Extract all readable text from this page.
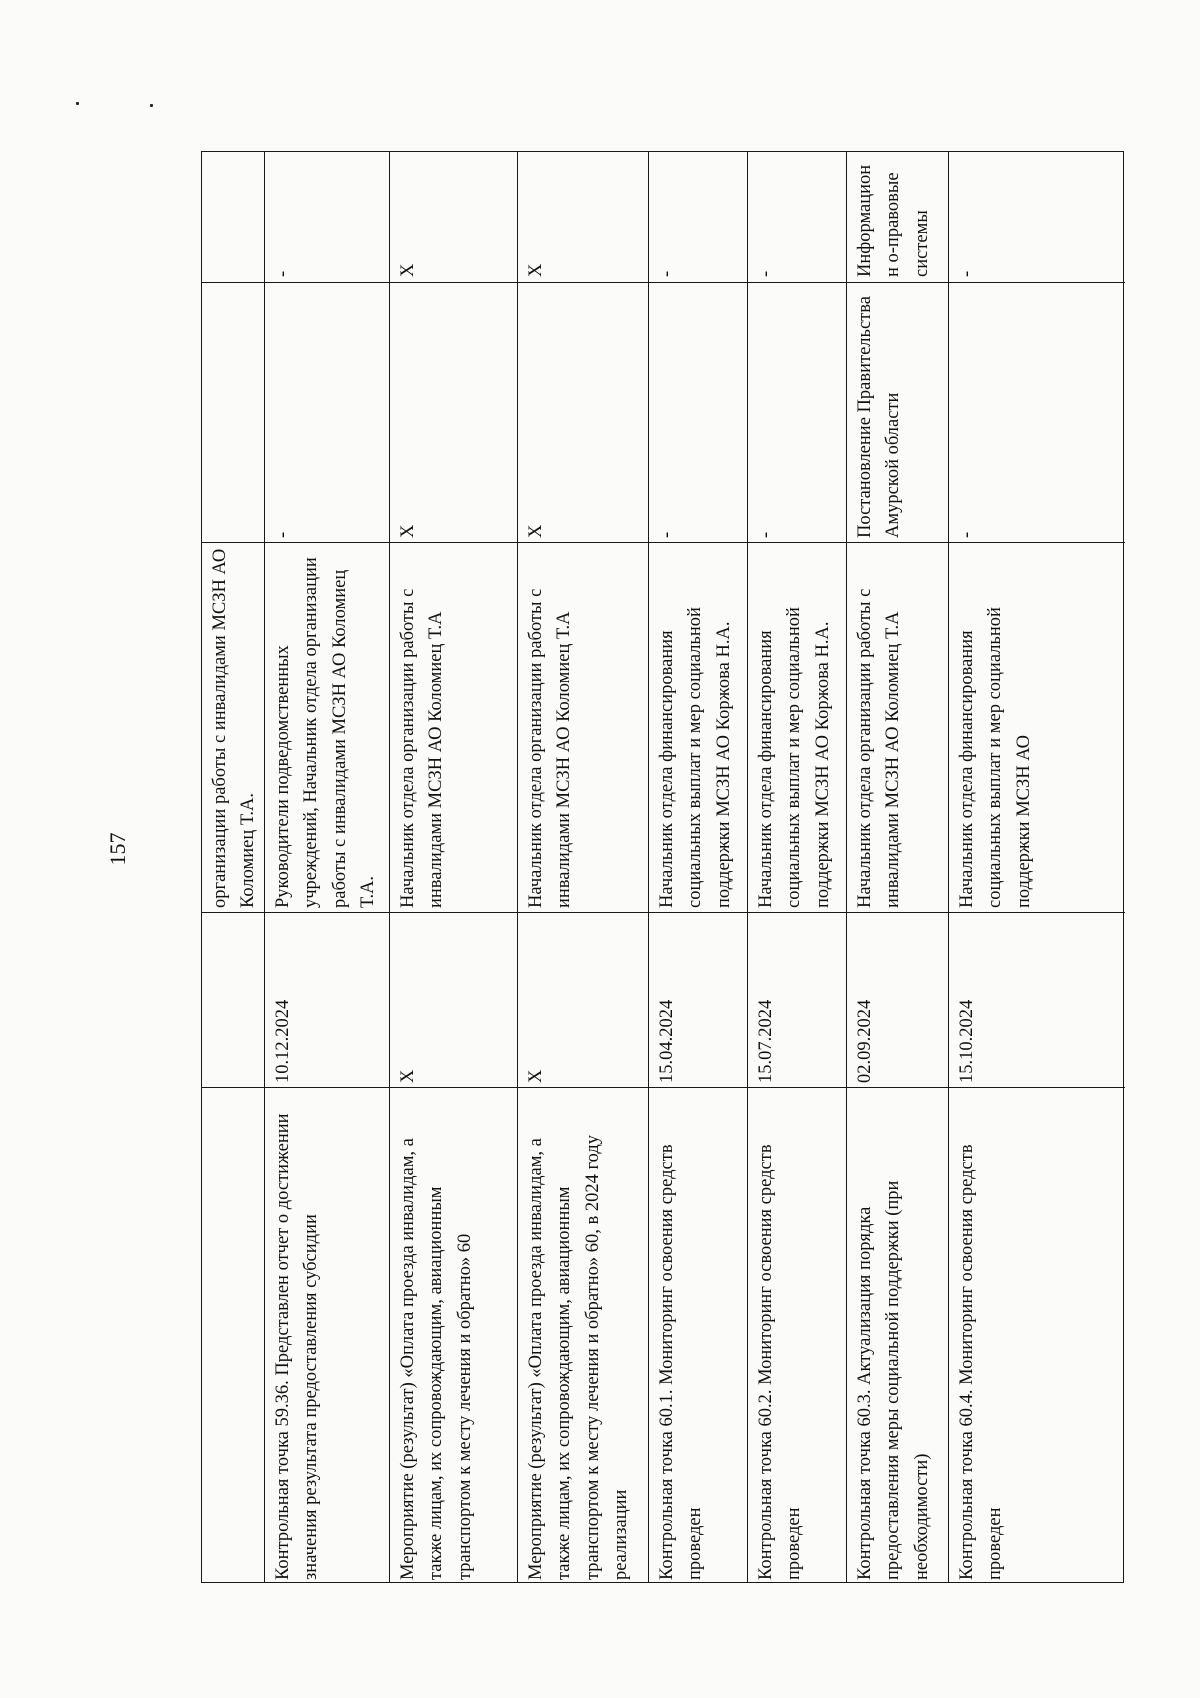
157	организации работы с инвалидами МСЗН АО Коломиец Т.А.
Контрольная точка 59.36. Представлен отчет о достижении значения результата предоставления субсидии
10.12.2024
Руководители подведомственных учреждений, Начальник отдела организации работы с инвалидами МСЗН АО Коломиец Т.А.
-
-
Мероприятие (результат) «Оплата проезда инвалидам, а также лицам, их сопровождающим, авиационным транспортом к месту лечения и обратно» 60
X
Начальник отдела организации работы с инвалидами МСЗН АО Коломиец Т.А
X
X
Мероприятие (результат) «Оплата проезда инвалидам, а также лицам, их сопровождающим, авиационным транспортом к месту лечения и обратно» 60, в 2024 году реализации
X
Начальник отдела организации работы с инвалидами МСЗН АО Коломиец Т.А
X
X
Контрольная точка 60.1. Мониторинг освоения средств проведен
15.04.2024
Начальник отдела финансирования социальных выплат и мер социальной поддержки МСЗН АО Коржова Н.А.
-
-
Контрольная точка 60.2. Мониторинг освоения средств проведен
15.07.2024
Начальник отдела финансирования социальных выплат и мер социальной поддержки МСЗН АО Коржова Н.А.
-
-
Контрольная точка 60.3. Актуализация порядка предоставления меры социальной поддержки (при необходимости)
02.09.2024
Начальник отдела организации работы с инвалидами МСЗН АО Коломиец Т.А
Постановление Правительства Амурской области
Информационн о-правовые системы
Контрольная точка 60.4. Мониторинг освоения средств проведен
15.10.2024
Начальник отдела финансирования социальных выплат и мер социальной поддержки МСЗН АО
-
-
